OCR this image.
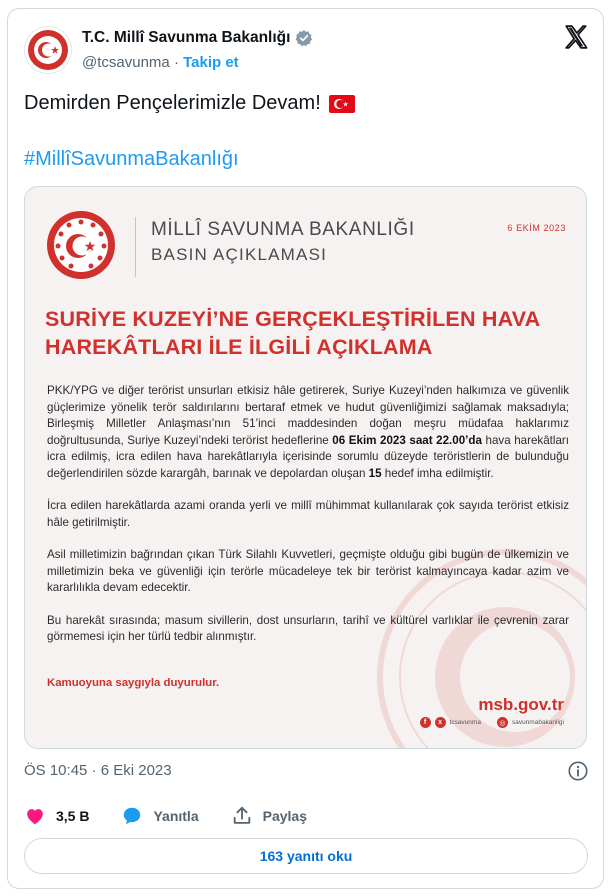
T.C. Millî Savunma Bakanlığı
@tcsavunma · Takip et
Demirden Pençelerimizle Devam!
#MillîSavunmaBakanlığı
MİLLÎ SAVUNMA BAKANLIĞI
BASIN AÇIKLAMASI
6 EKİM 2023
SURİYE KUZEYİ’NE GERÇEKLEŞTİRİLEN HAVA
HAREKÂTLARI İLE İLGİLİ AÇIKLAMA

PKK/YPG ve diğer terörist unsurları etkisiz hâle getirerek, Suriye Kuzeyi’nden halkımıza ve güvenlik güçlerimize yönelik terör saldırılarını bertaraf etmek ve hudut güvenliğimizi sağlamak maksadıyla; Birleşmiş Milletler Anlaşması’nın 51’inci maddesinden doğan meşru müdafaa haklarımız doğrultusunda, Suriye Kuzeyi’ndeki terörist hedeflerine 06 Ekim 2023 saat 22.00’da hava harekâtları icra edilmiş, icra edilen hava harekâtlarıyla içerisinde sorumlu düzeyde teröristlerin de bulunduğu değerlendirilen sözde karargâh, barınak ve depolardan oluşan 15 hedef imha edilmiştir.

İcra edilen harekâtlarda azami oranda yerli ve millî mühimmat kullanılarak çok sayıda terörist etkisiz hâle getirilmiştir.

Asil milletimizin bağrından çıkan Türk Silahlı Kuvvetleri, geçmişte olduğu gibi bugün de ülkemizin ve milletimizin beka ve güvenliği için terörle mücadeleye tek bir terörist kalmayıncaya kadar azim ve kararlılıkla devam edecektir.

Bu harekât sırasında; masum sivillerin, dost unsurların, tarihî ve kültürel varlıklar ile çevrenin zarar görmemesi için her türlü tedbir alınmıştır.

Kamuoyuna saygıyla duyurulur.
msb.gov.tr
f	x	tcsavunma	◎ savunmabakanligi
ÖS 10:45 · 6 Eki 2023
3,5 B	Yanıtla	Paylaş
163 yanıtı oku
